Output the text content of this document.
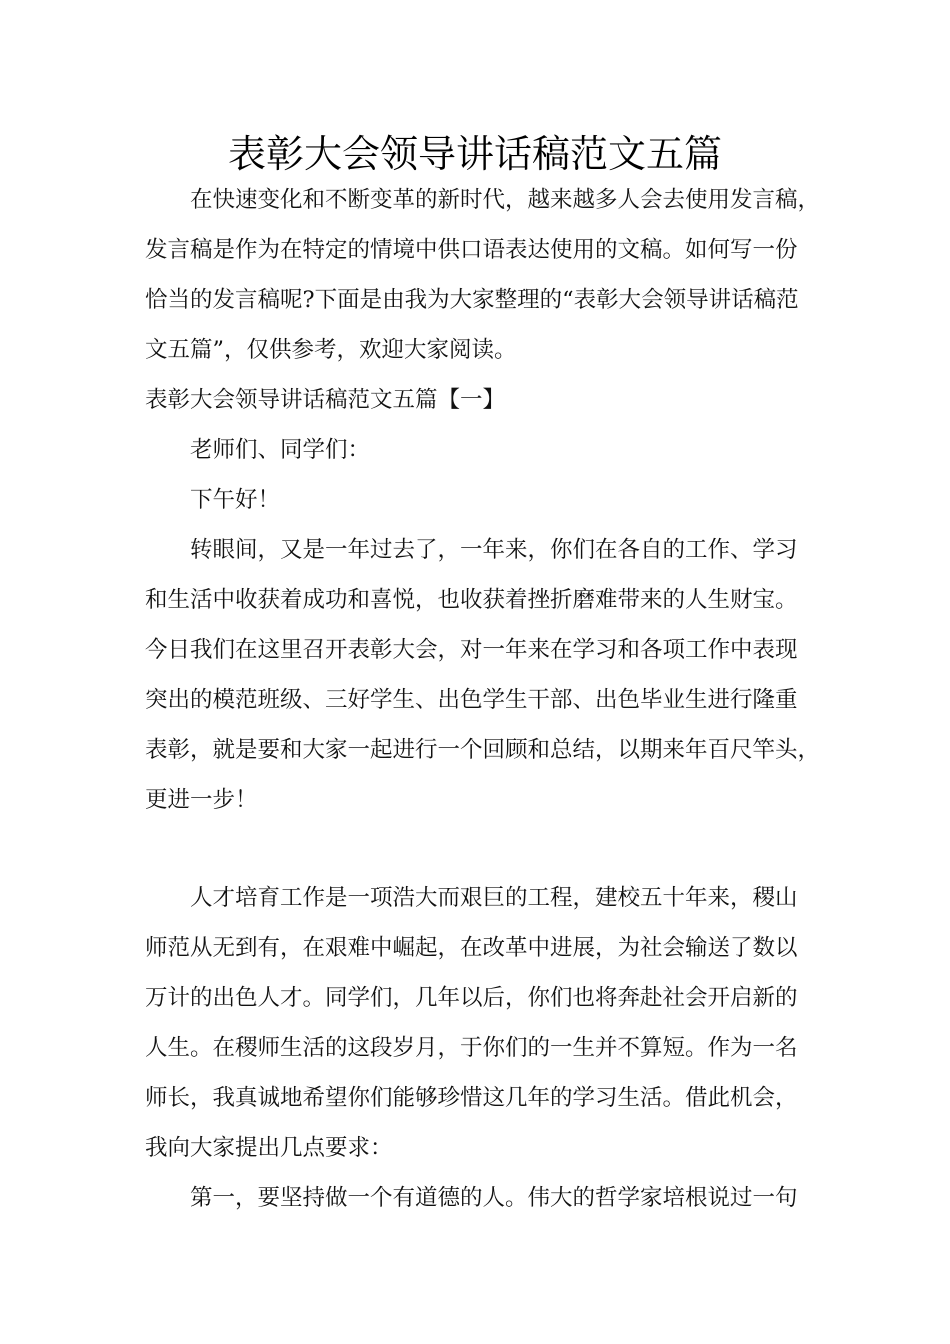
表彰大会领导讲话稿范文五篇

在快速变化和不断变革的新时代，越来越多人会去使用发言稿，

发言稿是作为在特定的情境中供口语表达使用的文稿。如何写一份

恰当的发言稿呢?下面是由我为大家整理的“表彰大会领导讲话稿范

文五篇”，仅供参考，欢迎大家阅读。

表彰大会领导讲话稿范文五篇【一】

老师们、同学们：

下午好！

转眼间，又是一年过去了，一年来，你们在各自的工作、学习

和生活中收获着成功和喜悦，也收获着挫折磨难带来的人生财宝。

今日我们在这里召开表彰大会，对一年来在学习和各项工作中表现

突出的模范班级、三好学生、出色学生干部、出色毕业生进行隆重

表彰，就是要和大家一起进行一个回顾和总结，以期来年百尺竿头，

更进一步！

人才培育工作是一项浩大而艰巨的工程，建校五十年来，稷山

师范从无到有，在艰难中崛起，在改革中进展，为社会输送了数以

万计的出色人才。同学们，几年以后，你们也将奔赴社会开启新的

人生。在稷师生活的这段岁月，于你们的一生并不算短。作为一名

师长，我真诚地希望你们能够珍惜这几年的学习生活。借此机会，

我向大家提出几点要求：

第一，要坚持做一个有道德的人。伟大的哲学家培根说过一句
